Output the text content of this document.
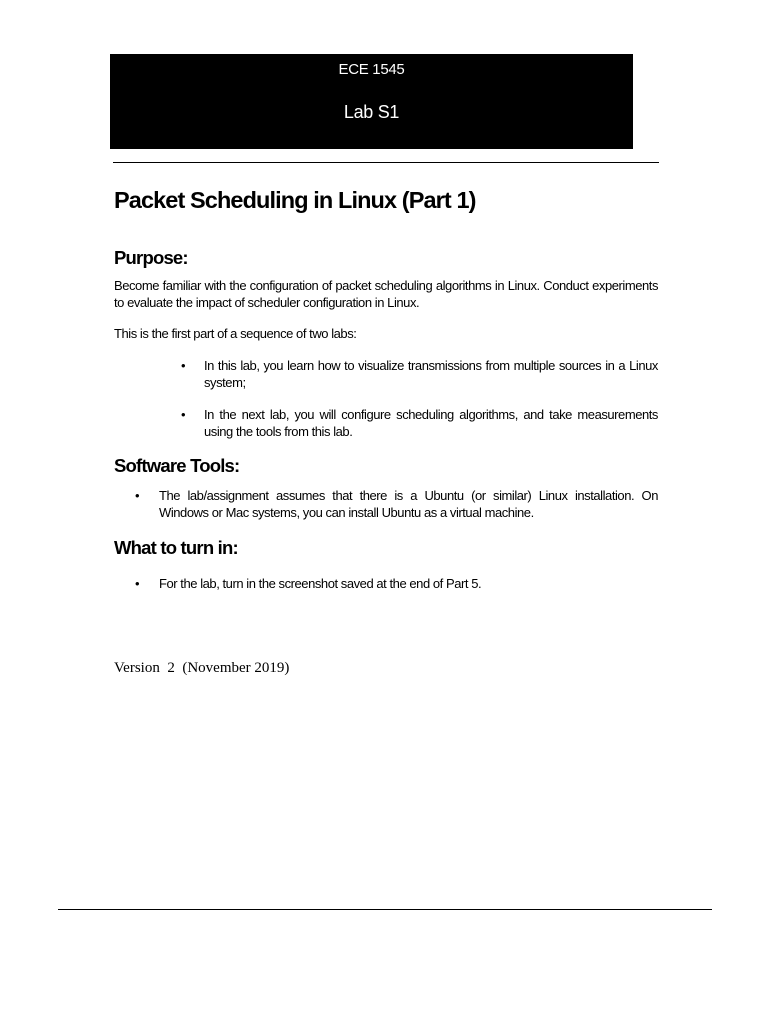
ECE 1545
Lab S1
Packet Scheduling in Linux (Part 1)
Purpose:

Become familiar with the configuration of packet scheduling algorithms in Linux. Conduct experiments to evaluate the impact of scheduler configuration in Linux.

This is the first part of a sequence of two labs:

• In this lab, you learn how to visualize transmissions from multiple sources in a Linux system;

• In the next lab, you will configure scheduling algorithms, and take measurements using the tools from this lab.

Software Tools:
• The lab/assignment assumes that there is a Ubuntu (or similar) Linux installation. On Windows or Mac systems, you can install Ubuntu as a virtual machine.

What to turn in:
• For the lab, turn in the screenshot saved at the end of Part 5.

Version  2  (November 2019)
